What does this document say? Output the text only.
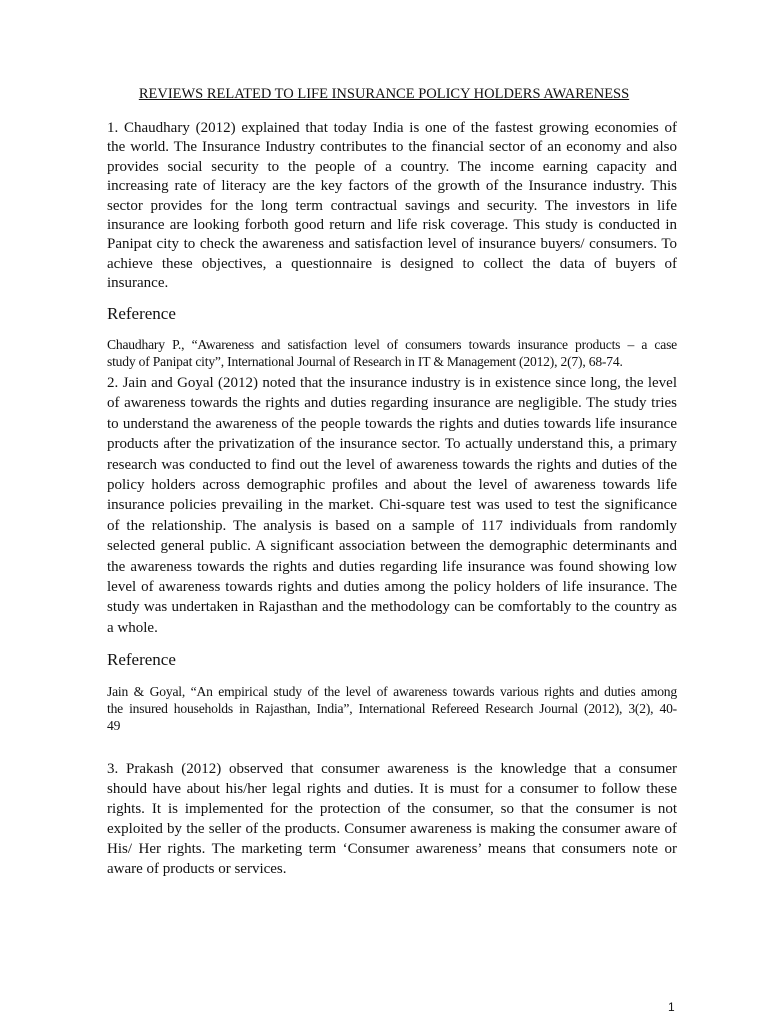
REVIEWS RELATED TO LIFE INSURANCE POLICY HOLDERS AWARENESS
1. Chaudhary (2012) explained that today India is one of the fastest growing economies of
the world. The Insurance Industry contributes to the financial sector of an economy and also
provides social security to the people of a country. The income earning capacity and
increasing rate of literacy are the key factors of the growth of the Insurance industry. This
sector provides for the long term contractual savings and security. The investors in life
insurance are looking forboth good return and life risk coverage. This study is conducted in
Panipat city to check the awareness and satisfaction level of insurance buyers/ consumers. To
achieve these objectives, a questionnaire is designed to collect the data of buyers of
insurance.
Reference
Chaudhary P., “Awareness and satisfaction level of consumers towards insurance products – a case
study of Panipat city”, International Journal of Research in IT & Management (2012), 2(7), 68-74.
2. Jain and Goyal (2012) noted that the insurance industry is in existence since long, the level
of awareness towards the rights and duties regarding insurance are negligible. The study tries
to understand the awareness of the people towards the rights and duties towards life insurance
products after the privatization of the insurance sector. To actually understand this, a primary
research was conducted to find out the level of awareness towards the rights and duties of the
policy holders across demographic profiles and about the level of awareness towards life
insurance policies prevailing in the market. Chi-square test was used to test the significance
of the relationship. The analysis is based on a sample of 117 individuals from randomly
selected general public. A significant association between the demographic determinants and
the awareness towards the rights and duties regarding life insurance was found showing low
level of awareness towards rights and duties among the policy holders of life insurance. The
study was undertaken in Rajasthan and the methodology can be comfortably to the country as
a whole.
Reference
Jain & Goyal, “An empirical study of the level of awareness towards various rights and duties among
the insured households in Rajasthan, India”, International Refereed Research Journal (2012), 3(2), 40-
49
3. Prakash (2012) observed that consumer awareness is the knowledge that a consumer
should have about his/her legal rights and duties. It is must for a consumer to follow these
rights. It is implemented for the protection of the consumer, so that the consumer is not
exploited by the seller of the products. Consumer awareness is making the consumer aware of
His/ Her rights. The marketing term ‘Consumer awareness’ means that consumers note or
aware of products or services.
1
